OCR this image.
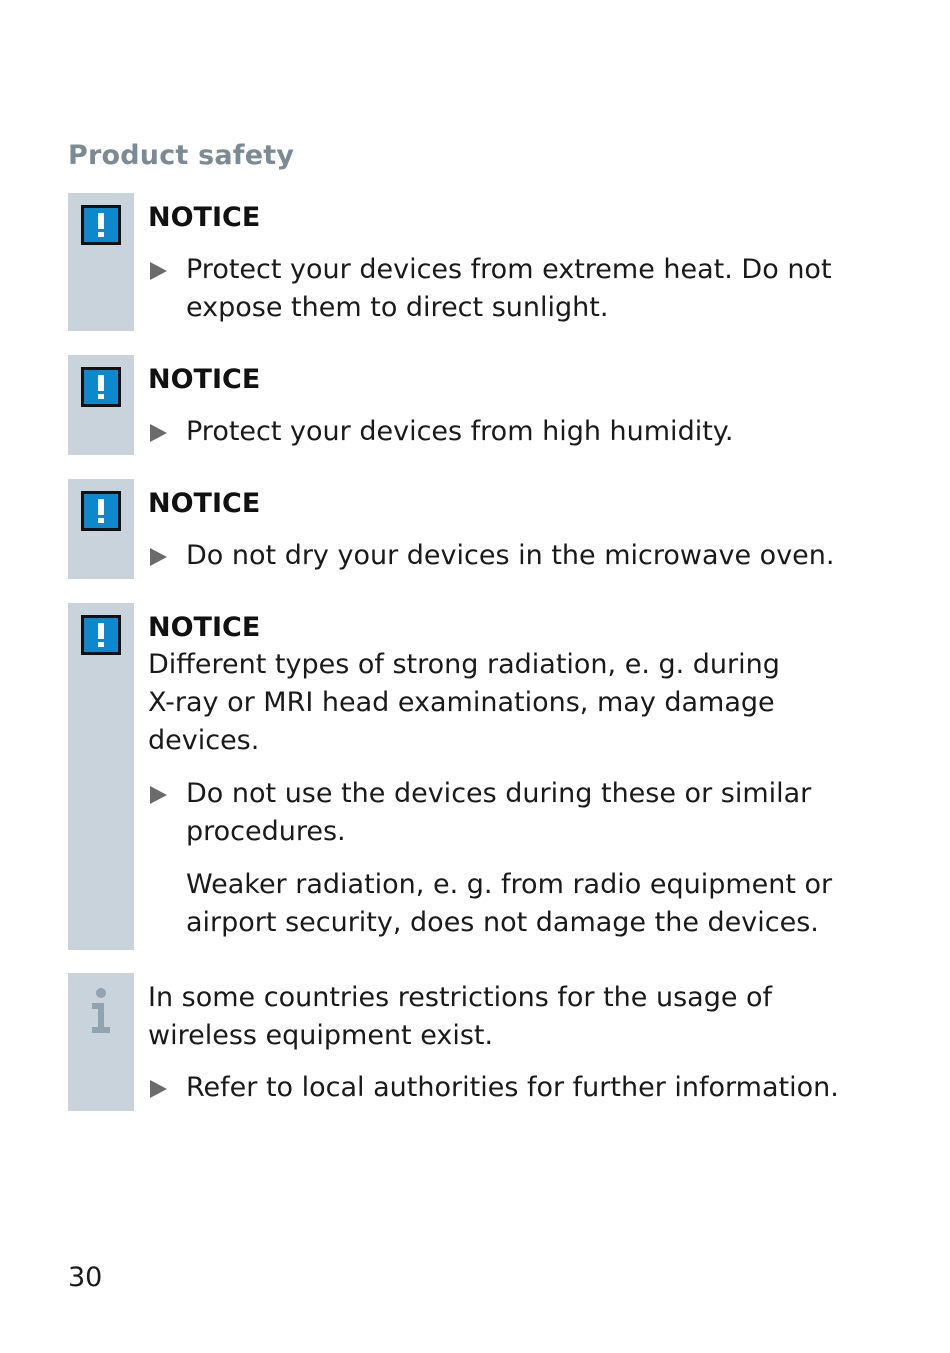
Product safety
NOTICE
Protect your devices from extreme heat. Do not
expose them to direct sunlight.
NOTICE
Protect your devices from high humidity.
NOTICE
Do not dry your devices in the microwave oven.
NOTICE
Different types of strong radiation, e. g. during
X-ray or MRI head examinations, may damage
devices.
Do not use the devices during these or similar
procedures.
Weaker radiation, e. g. from radio equipment or
airport security, does not damage the devices.
In some countries restrictions for the usage of
wireless equipment exist.
Refer to local authorities for further information.
30
